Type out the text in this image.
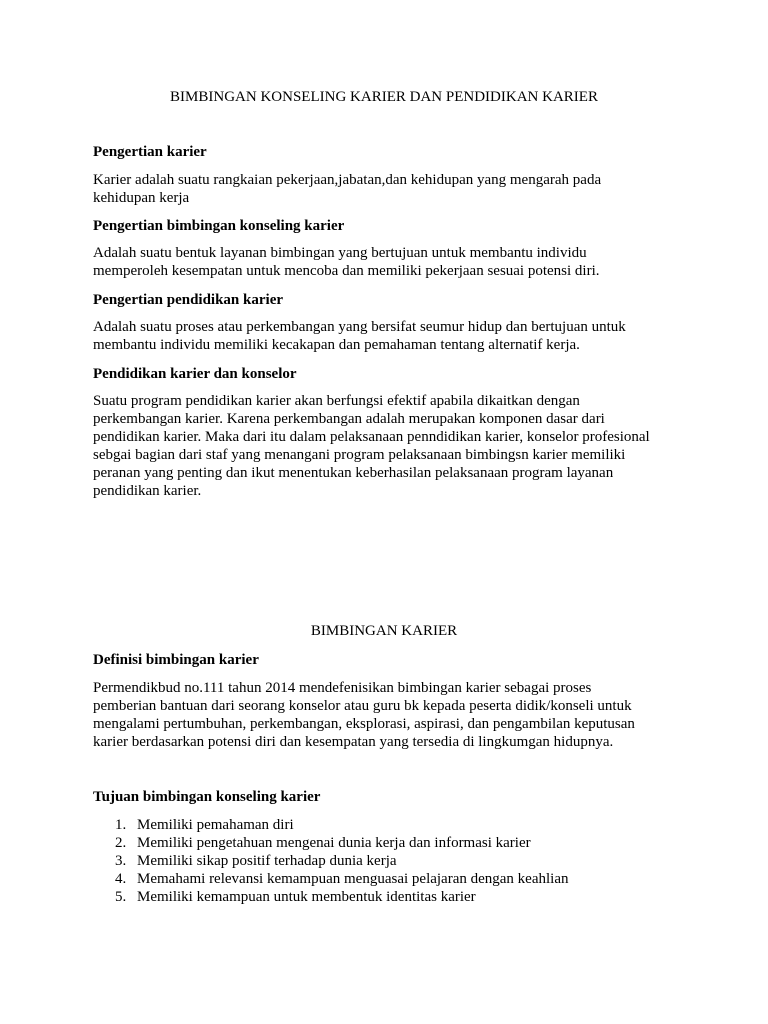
BIMBINGAN KONSELING KARIER DAN PENDIDIKAN KARIER
Pengertian karier

Karier adalah suatu rangkaian pekerjaan,jabatan,dan kehidupan yang mengarah pada
kehidupan kerja

Pengertian bimbingan konseling karier

Adalah suatu bentuk layanan bimbingan yang bertujuan untuk membantu individu
memperoleh kesempatan untuk mencoba dan memiliki pekerjaan sesuai potensi diri.

Pengertian pendidikan karier

Adalah suatu proses atau perkembangan yang bersifat seumur hidup dan bertujuan untuk
membantu individu memiliki kecakapan dan pemahaman tentang alternatif kerja.

Pendidikan karier dan konselor

Suatu program pendidikan karier akan berfungsi efektif apabila dikaitkan dengan
perkembangan karier. Karena perkembangan adalah merupakan komponen dasar dari
pendidikan karier. Maka dari itu dalam pelaksanaan penndidikan karier, konselor profesional
sebgai bagian dari staf yang menangani program pelaksanaan bimbingsn karier memiliki
peranan yang penting dan ikut menentukan keberhasilan pelaksanaan program layanan
pendidikan karier.

BIMBINGAN KARIER
Definisi bimbingan karier

Permendikbud no.111 tahun 2014 mendefenisikan bimbingan karier sebagai proses
pemberian bantuan dari seorang konselor atau guru bk kepada peserta didik/konseli untuk
mengalami pertumbuhan, perkembangan, eksplorasi, aspirasi, dan pengambilan keputusan
karier berdasarkan potensi diri dan kesempatan yang tersedia di lingkumgan hidupnya.

Tujuan bimbingan konseling karier
1. Memiliki pemahaman diri
2. Memiliki pengetahuan mengenai dunia kerja dan informasi karier
3. Memiliki sikap positif terhadap dunia kerja
4. Memahami relevansi kemampuan menguasai pelajaran dengan keahlian
5. Memiliki kemampuan untuk membentuk identitas karier
